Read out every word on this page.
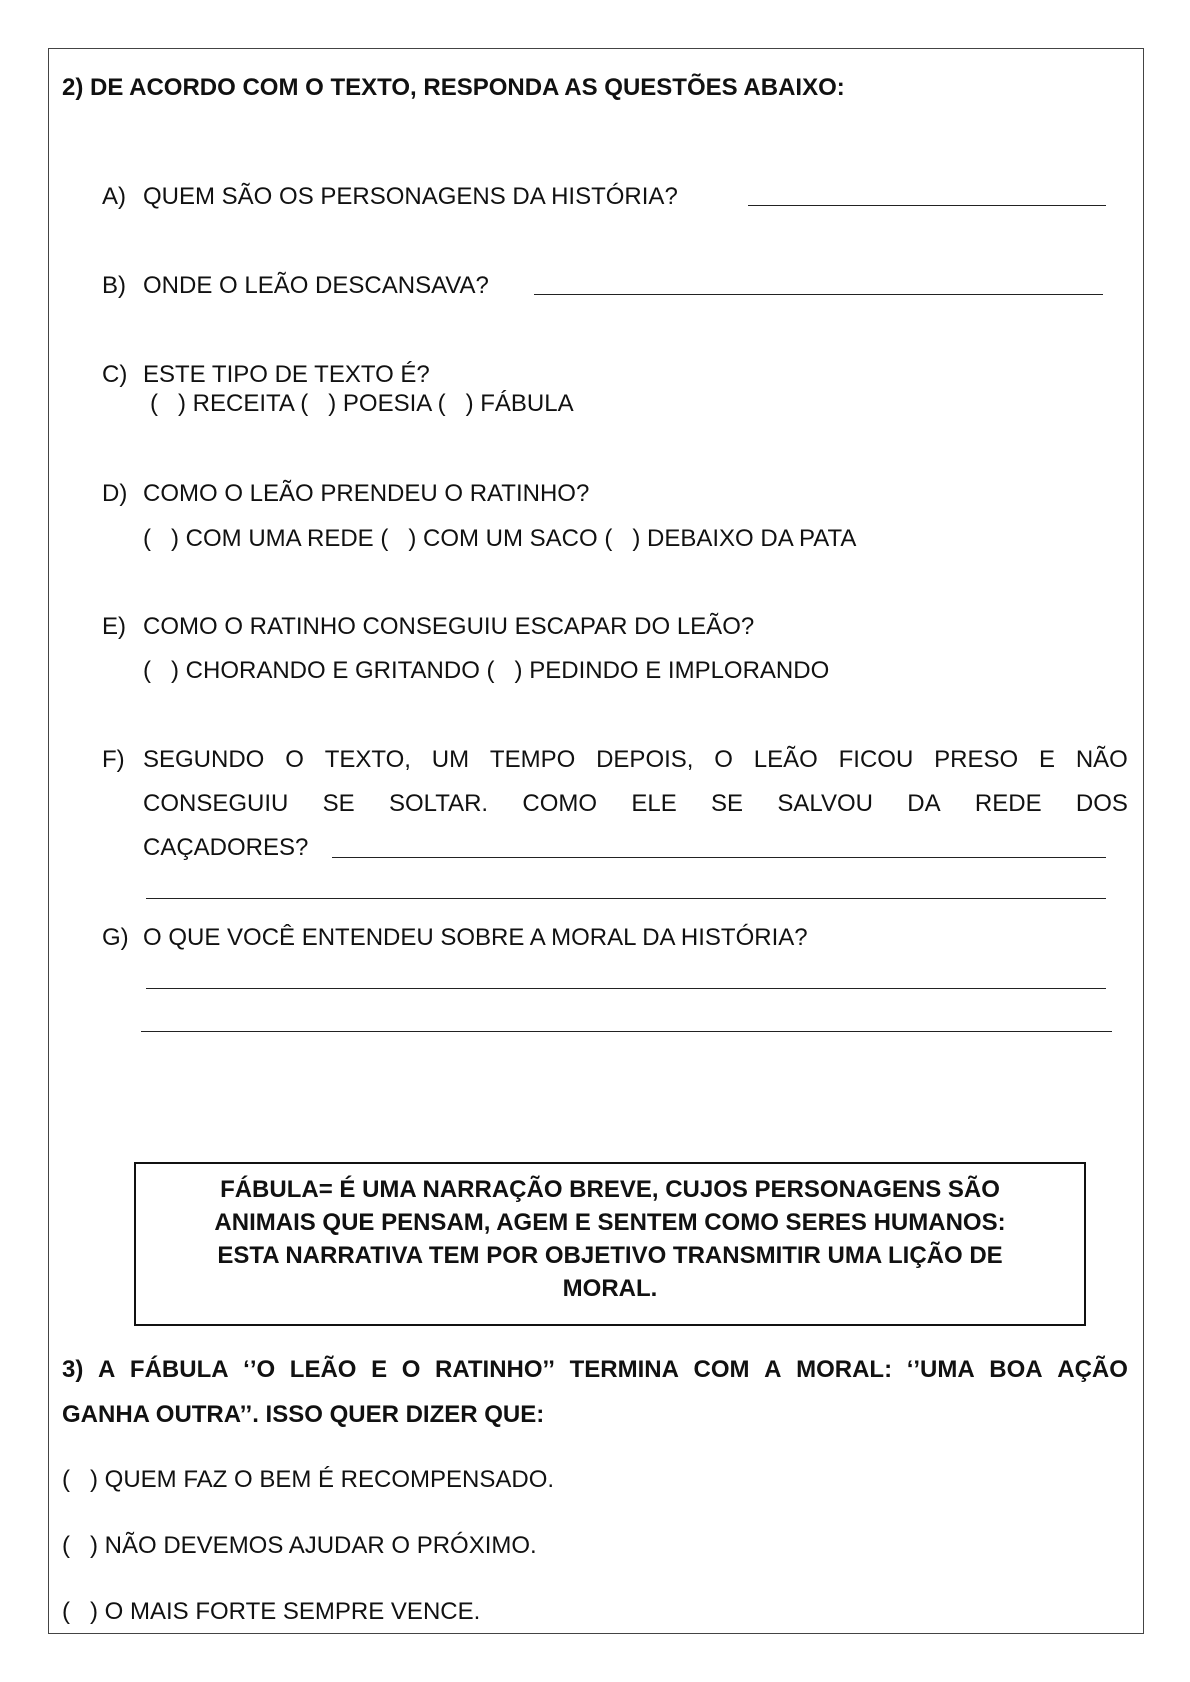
2) DE ACORDO COM O TEXTO, RESPONDA AS QUESTÕES ABAIXO:
A) QUEM SÃO OS PERSONAGENS DA HISTÓRIA?
B) ONDE O LEÃO DESCANSAVA?
C) ESTE TIPO DE TEXTO É?
(   ) RECEITA (   ) POESIA (   ) FÁBULA
D) COMO O LEÃO PRENDEU O RATINHO?
(   ) COM UMA REDE (   ) COM UM SACO (   ) DEBAIXO DA PATA
E) COMO O RATINHO CONSEGUIU ESCAPAR DO LEÃO?
(   ) CHORANDO E GRITANDO (   ) PEDINDO E IMPLORANDO
F) SEGUNDO O TEXTO, UM TEMPO DEPOIS, O LEÃO FICOU PRESO E NÃO
CONSEGUIU SE SOLTAR. COMO ELE SE SALVOU DA REDE DOS
CAÇADORES?
G) O QUE VOCÊ ENTENDEU SOBRE A MORAL DA HISTÓRIA?
FÁBULA= É UMA NARRAÇÃO BREVE, CUJOS PERSONAGENS SÃO
ANIMAIS QUE PENSAM, AGEM E SENTEM COMO SERES HUMANOS:
ESTA NARRATIVA TEM POR OBJETIVO TRANSMITIR UMA LIÇÃO DE
MORAL.
3) A FÁBULA ‘’O LEÃO E O RATINHO’’ TERMINA COM A MORAL: ‘’UMA BOA AÇÃO
GANHA OUTRA’’. ISSO QUER DIZER QUE:
(   ) QUEM FAZ O BEM É RECOMPENSADO.
(   ) NÃO DEVEMOS AJUDAR O PRÓXIMO.
(   ) O MAIS FORTE SEMPRE VENCE.
